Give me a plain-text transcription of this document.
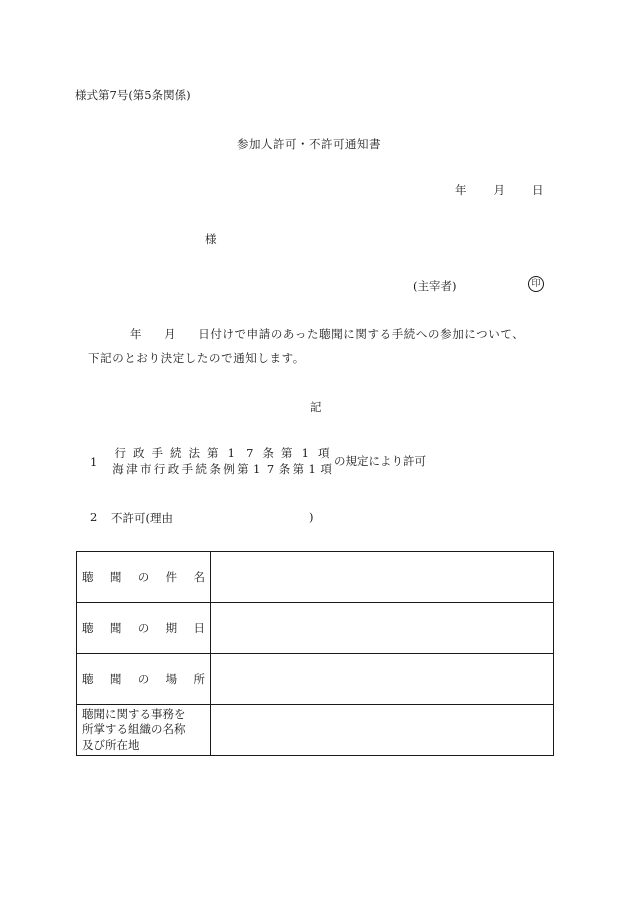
様式第7号(第5条関係)
参加人許可・不許可通知書
年 月 日
様
(主宰者)	印
年 月 日付けで申請のあった聴聞に関する手続への参加について、
下記のとおり決定したので通知します。
記
1
行 政 手 続 法 第 1 7 条 第 1 項
海 津 市 行 政 手 続 条 例 第 1 7 条 第 1 項
の規定により許可
2 不許可(理由	)
聴 聞 の 件 名	

聴 聞 の 期 日	

聴 聞 の 場 所	

聴聞に関する事務を
所掌する組織の名称
及び所在地	
